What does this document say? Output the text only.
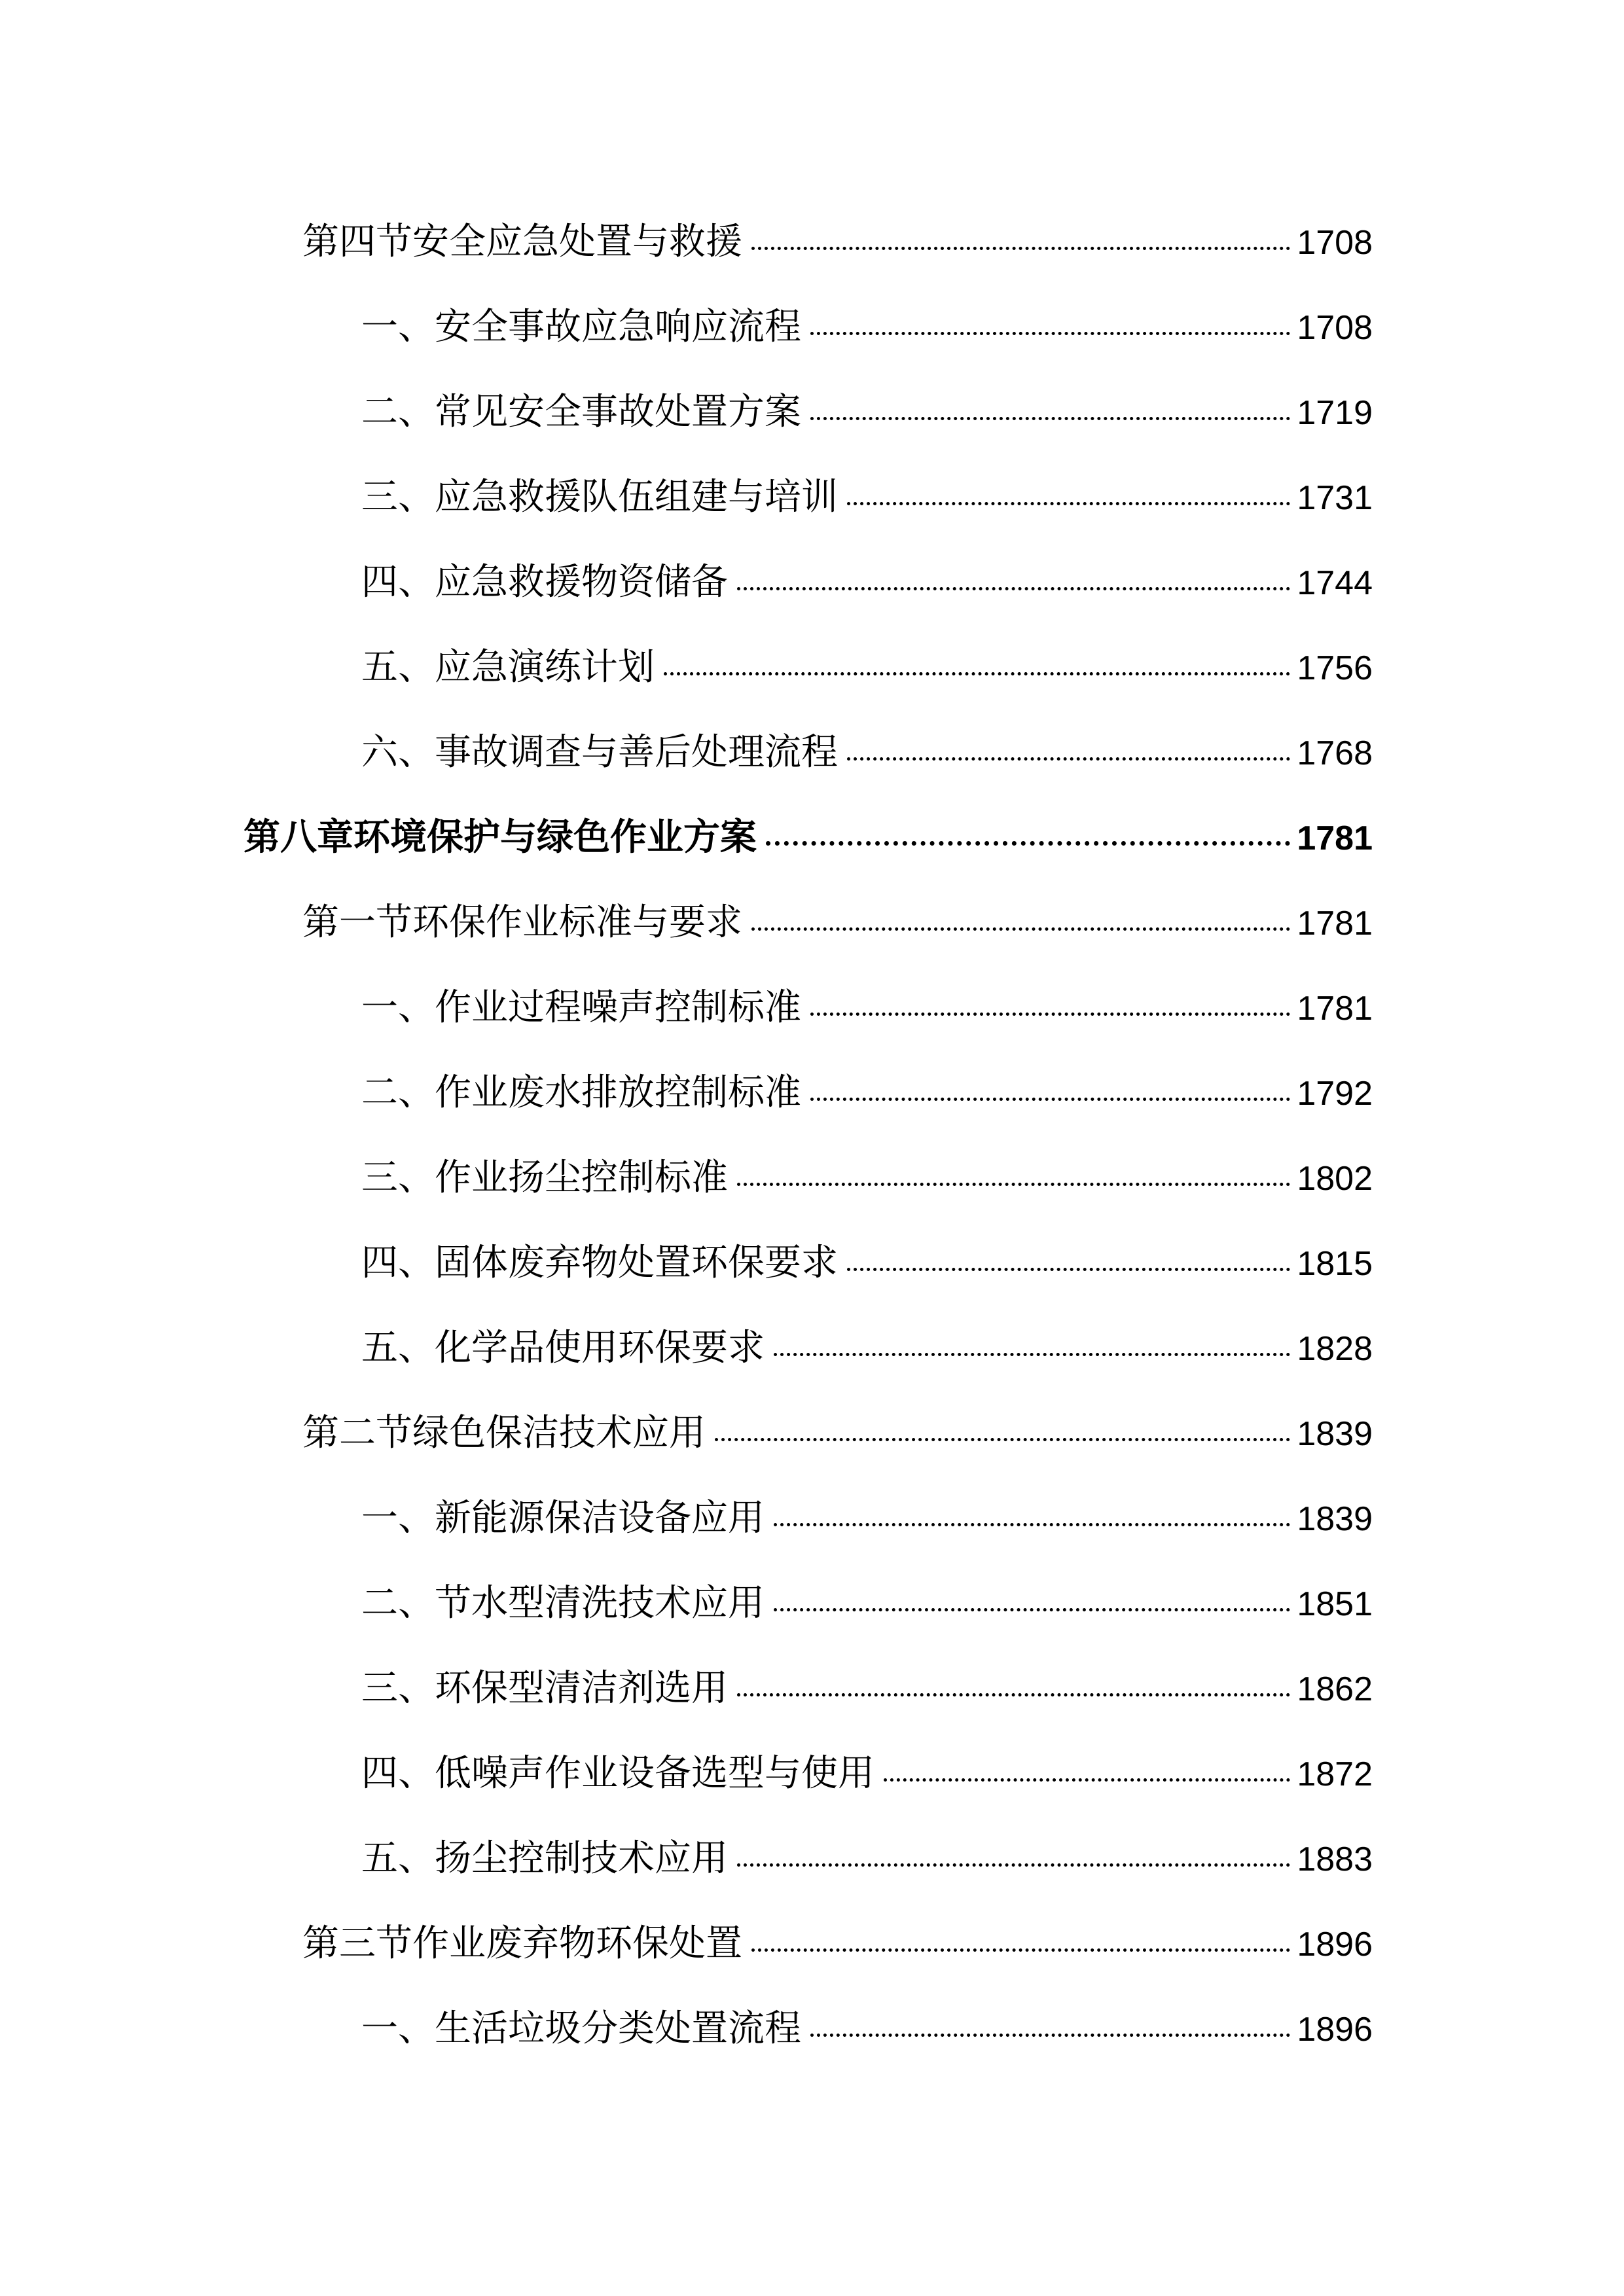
第四节安全应急处置与救援	1708
一、安全事故应急响应流程	1708
二、常见安全事故处置方案	1719
三、应急救援队伍组建与培训	1731
四、应急救援物资储备	1744
五、应急演练计划	1756
六、事故调查与善后处理流程	1768
第八章环境保护与绿色作业方案	1781
第一节环保作业标准与要求	1781
一、作业过程噪声控制标准	1781
二、作业废水排放控制标准	1792
三、作业扬尘控制标准	1802
四、固体废弃物处置环保要求	1815
五、化学品使用环保要求	1828
第二节绿色保洁技术应用	1839
一、新能源保洁设备应用	1839
二、节水型清洗技术应用	1851
三、环保型清洁剂选用	1862
四、低噪声作业设备选型与使用	1872
五、扬尘控制技术应用	1883
第三节作业废弃物环保处置	1896
一、生活垃圾分类处置流程	1896
